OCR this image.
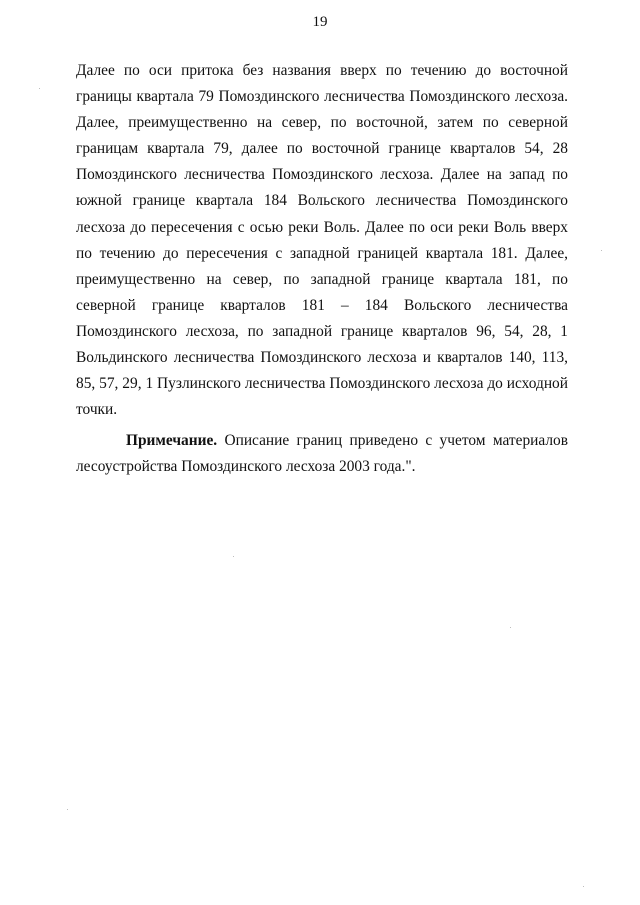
19

Далее по оси притока без названия вверх по течению до восточной границы квартала 79 Помоздинского лесничества Помоздинского лесхоза. Далее, преимущественно на север, по восточной, затем по северной границам квартала 79, далее по восточной границе кварталов 54, 28 Помоздинского лесничества Помоздинского лесхоза. Далее на запад по южной границе квартала 184 Вольского лесничества Помоздинского лесхоза до пересечения с осью реки Воль. Далее по оси реки Воль вверх по течению до пересечения с западной границей квартала 181. Далее, преимущественно на север, по западной границе квартала 181, по северной границе кварталов 181 – 184 Вольского лесничества Помоздинского лесхоза, по западной границе кварталов 96, 54, 28, 1 Вольдинского лесничества Помоздинского лесхоза и кварталов 140, 113, 85, 57, 29, 1 Пузлинского лесничества Помоздинского лесхоза до исходной точки.

Примечание. Описание границ приведено с учетом материалов лесоустройства Помоздинского лесхоза 2003 года.".
